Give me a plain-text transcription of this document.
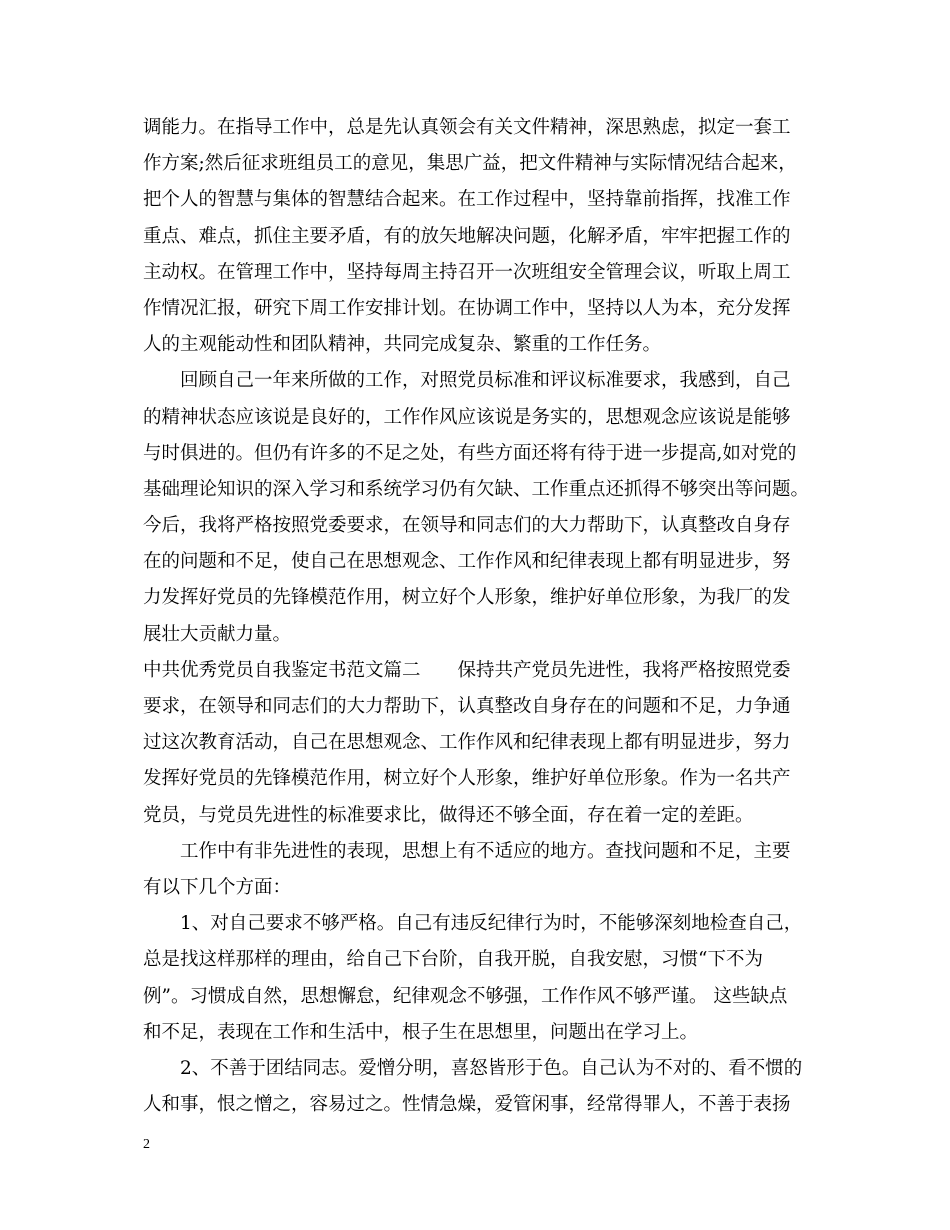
调能力。在指导工作中，总是先认真领会有关文件精神，深思熟虑，拟定一套工
作方案;然后征求班组员工的意见，集思广益，把文件精神与实际情况结合起来，
把个人的智慧与集体的智慧结合起来。在工作过程中，坚持靠前指挥，找准工作
重点、难点，抓住主要矛盾，有的放矢地解决问题，化解矛盾，牢牢把握工作的
主动权。在管理工作中，坚持每周主持召开一次班组安全管理会议，听取上周工
作情况汇报，研究下周工作安排计划。在协调工作中，坚持以人为本，充分发挥
人的主观能动性和团队精神，共同完成复杂、繁重的工作任务。
回顾自己一年来所做的工作，对照党员标准和评议标准要求，我感到，自己
的精神状态应该说是良好的，工作作风应该说是务实的，思想观念应该说是能够
与时俱进的。但仍有许多的不足之处，有些方面还将有待于进一步提高,如对党的
基础理论知识的深入学习和系统学习仍有欠缺、工作重点还抓得不够突出等问题。
今后，我将严格按照党委要求，在领导和同志们的大力帮助下，认真整改自身存
在的问题和不足，使自己在思想观念、工作作风和纪律表现上都有明显进步，努
力发挥好党员的先锋模范作用，树立好个人形象，维护好单位形象，为我厂的发
展壮大贡献力量。
中共优秀党员自我鉴定书范文篇二　　保持共产党员先进性，我将严格按照党委
要求，在领导和同志们的大力帮助下，认真整改自身存在的问题和不足，力争通
过这次教育活动，自己在思想观念、工作作风和纪律表现上都有明显进步，努力
发挥好党员的先锋模范作用，树立好个人形象，维护好单位形象。作为一名共产
党员，与党员先进性的标准要求比，做得还不够全面，存在着一定的差距。
工作中有非先进性的表现，思想上有不适应的地方。查找问题和不足，主要
有以下几个方面：
1、对自己要求不够严格。自己有违反纪律行为时，不能够深刻地检查自己，
总是找这样那样的理由，给自己下台阶，自我开脱，自我安慰，习惯“下不为
例”。习惯成自然，思想懈怠，纪律观念不够强，工作作风不够严谨。 这些缺点
和不足，表现在工作和生活中，根子生在思想里，问题出在学习上。
2、不善于团结同志。爱憎分明，喜怒皆形于色。自己认为不对的、看不惯的
人和事，恨之憎之，容易过之。性情急燥，爱管闲事，经常得罪人，不善于表扬
2
